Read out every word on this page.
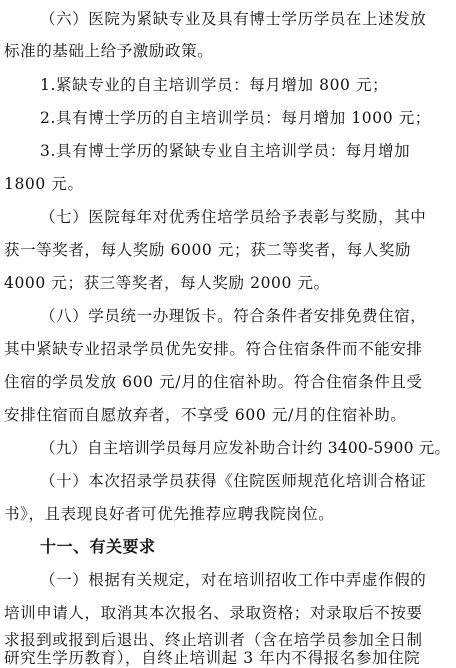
（六）医院为紧缺专业及具有博士学历学员在上述发放
标准的基础上给予激励政策。
1.紧缺专业的自主培训学员：每月增加 800 元；
2.具有博士学历的自主培训学员：每月增加 1000 元；
3.具有博士学历的紧缺专业自主培训学员：每月增加
1800 元。
（七）医院每年对优秀住培学员给予表彰与奖励，其中
获一等奖者，每人奖励 6000 元；获二等奖者，每人奖励
4000 元；获三等奖者，每人奖励 2000 元。
（八）学员统一办理饭卡。符合条件者安排免费住宿，
其中紧缺专业招录学员优先安排。符合住宿条件而不能安排
住宿的学员发放 600 元/月的住宿补助。符合住宿条件且受
安排住宿而自愿放弃者，不享受 600 元/月的住宿补助。
（九）自主培训学员每月应发补助合计约 3400-5900 元。
（十）本次招录学员获得《住院医师规范化培训合格证
书》，且表现良好者可优先推荐应聘我院岗位。
十一、有关要求
（一）根据有关规定，对在培训招收工作中弄虚作假的
培训申请人，取消其本次报名、录取资格；对录取后不按要
求报到或报到后退出、终止培训者（含在培学员参加全日制
研究生学历教育），自终止培训起 3 年内不得报名参加住院
